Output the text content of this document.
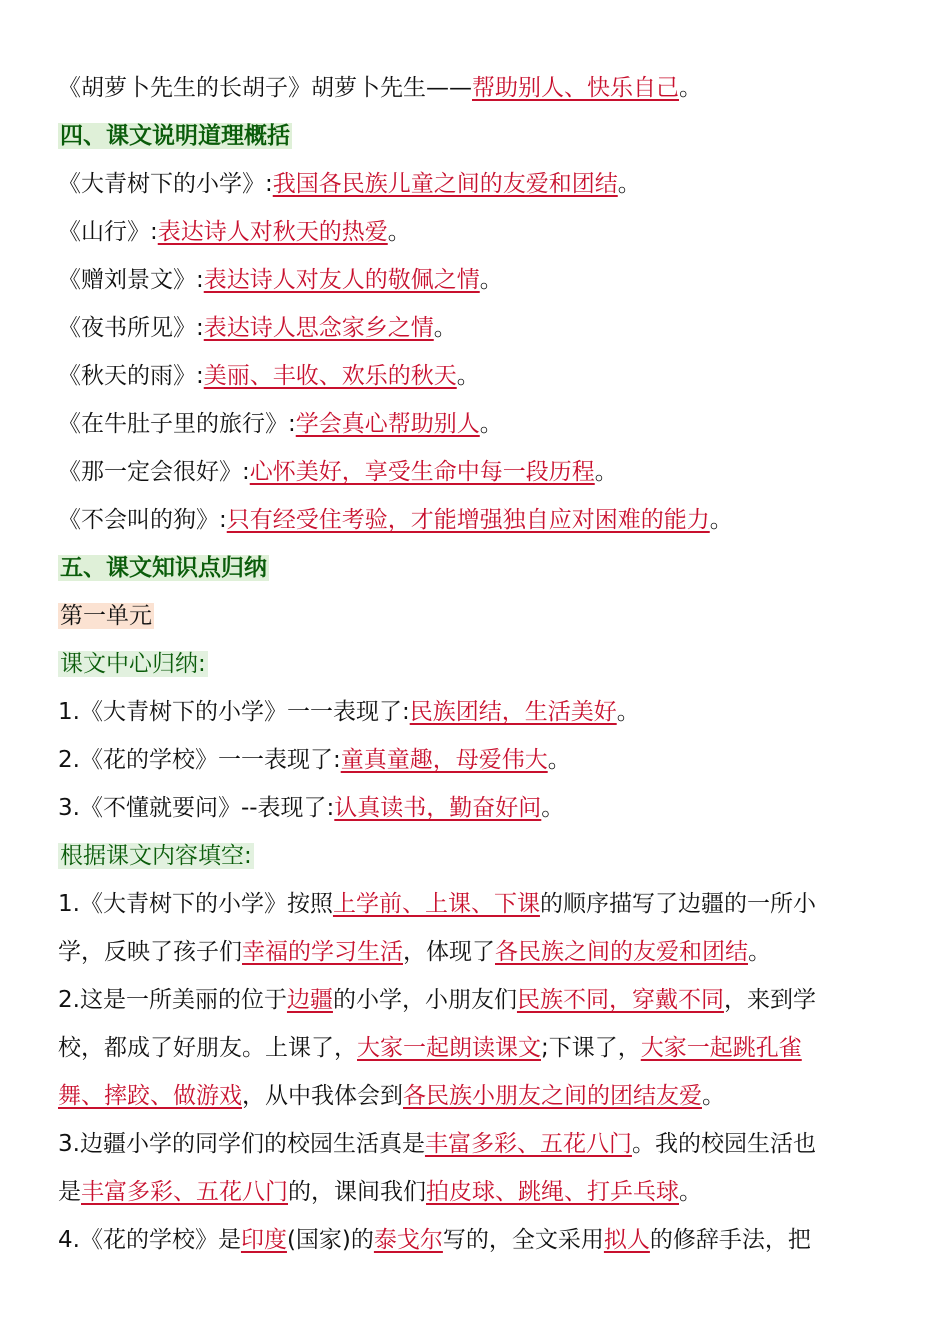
《胡萝卜先生的长胡子》胡萝卜先生——帮助别人、快乐自己。
四、课文说明道理概括
《大青树下的小学》:我国各民族儿童之间的友爱和团结。
《山行》:表达诗人对秋天的热爱。
《赠刘景文》:表达诗人对友人的敬佩之情。
《夜书所见》:表达诗人思念家乡之情。
《秋天的雨》:美丽、丰收、欢乐的秋天。
《在牛肚子里的旅行》:学会真心帮助别人。
《那一定会很好》:心怀美好，享受生命中每一段历程。
《不会叫的狗》:只有经受住考验，才能增强独自应对困难的能力。
五、课文知识点归纳
第一单元
课文中心归纳:
1.《大青树下的小学》一一表现了:民族团结，生活美好。
2.《花的学校》一一表现了:童真童趣，母爱伟大。
3.《不懂就要问》--表现了:认真读书，勤奋好问。
根据课文内容填空:
1.《大青树下的小学》按照上学前、上课、下课的顺序描写了边疆的一所小
学，反映了孩子们幸福的学习生活，体现了各民族之间的友爱和团结。
2.这是一所美丽的位于边疆的小学，小朋友们民族不同，穿戴不同，来到学
校，都成了好朋友。上课了，大家一起朗读课文;下课了，大家一起跳孔雀
舞、摔跤、做游戏，从中我体会到各民族小朋友之间的团结友爱。
3.边疆小学的同学们的校园生活真是丰富多彩、五花八门。我的校园生活也
是丰富多彩、五花八门的，课间我们拍皮球、跳绳、打乒乓球。
4.《花的学校》是印度(国家)的泰戈尔写的，全文采用拟人的修辞手法，把
